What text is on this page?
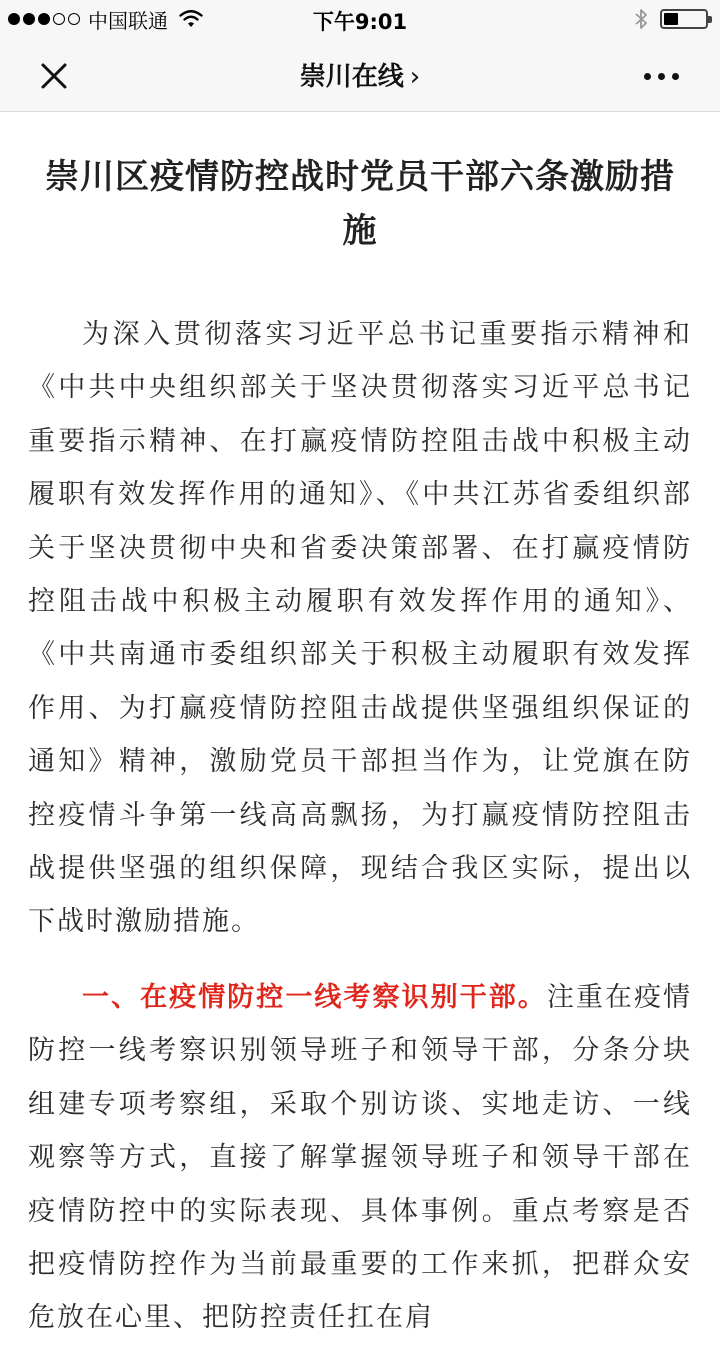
中国联通	下午9:01
崇川在线 ›
崇川区疫情防控战时党员干部六条激励措施

为深入贯彻落实习近平总书记重要指示精神和《中共中央组织部关于坚决贯彻落实习近平总书记重要指示精神、在打赢疫情防控阻击战中积极主动履职有效发挥作用的通知》、《中共江苏省委组织部关于坚决贯彻中央和省委决策部署、在打赢疫情防控阻击战中积极主动履职有效发挥作用的通知》、《中共南通市委组织部关于积极主动履职有效发挥作用、为打赢疫情防控阻击战提供坚强组织保证的通知》精神，激励党员干部担当作为，让党旗在防控疫情斗争第一线高高飘扬，为打赢疫情防控阻击战提供坚强的组织保障，现结合我区实际，提出以下战时激励措施。

一、在疫情防控一线考察识别干部。注重在疫情防控一线考察识别领导班子和领导干部，分条分块组建专项考察组，采取个别访谈、实地走访、一线观察等方式，直接了解掌握领导班子和领导干部在疫情防控中的实际表现、具体事例。重点考察是否把疫情防控作为当前最重要的工作来抓，把群众安危放在心里、把防控责任扛在肩
